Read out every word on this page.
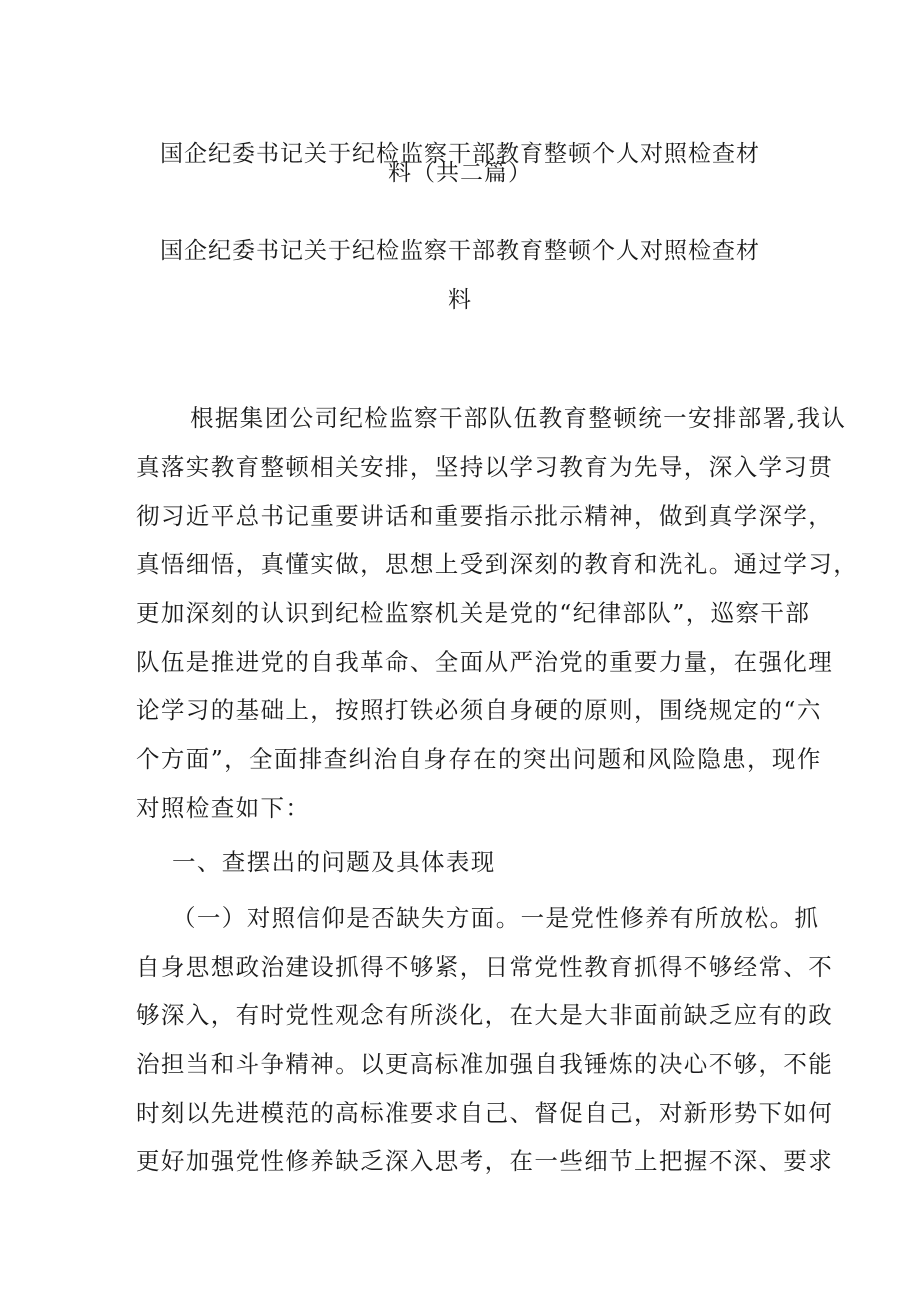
国企纪委书记关于纪检监察干部教育整顿个人对照检查材
料（共二篇）
国企纪委书记关于纪检监察干部教育整顿个人对照检查材
料
根据集团公司纪检监察干部队伍教育整顿统一安排部署,我认
真落实教育整顿相关安排，坚持以学习教育为先导，深入学习贯
彻习近平总书记重要讲话和重要指示批示精神，做到真学深学，
真悟细悟，真懂实做，思想上受到深刻的教育和洗礼。通过学习，
更加深刻的认识到纪检监察机关是党的“纪律部队”，巡察干部
队伍是推进党的自我革命、全面从严治党的重要力量，在强化理
论学习的基础上，按照打铁必须自身硬的原则，围绕规定的“六
个方面”，全面排查纠治自身存在的突出问题和风险隐患，现作
对照检查如下：
一、查摆出的问题及具体表现
（一）对照信仰是否缺失方面。一是党性修养有所放松。抓
自身思想政治建设抓得不够紧，日常党性教育抓得不够经常、不
够深入，有时党性观念有所淡化，在大是大非面前缺乏应有的政
治担当和斗争精神。以更高标准加强自我锤炼的决心不够，不能
时刻以先进模范的高标准要求自己、督促自己，对新形势下如何
更好加强党性修养缺乏深入思考，在一些细节上把握不深、要求
